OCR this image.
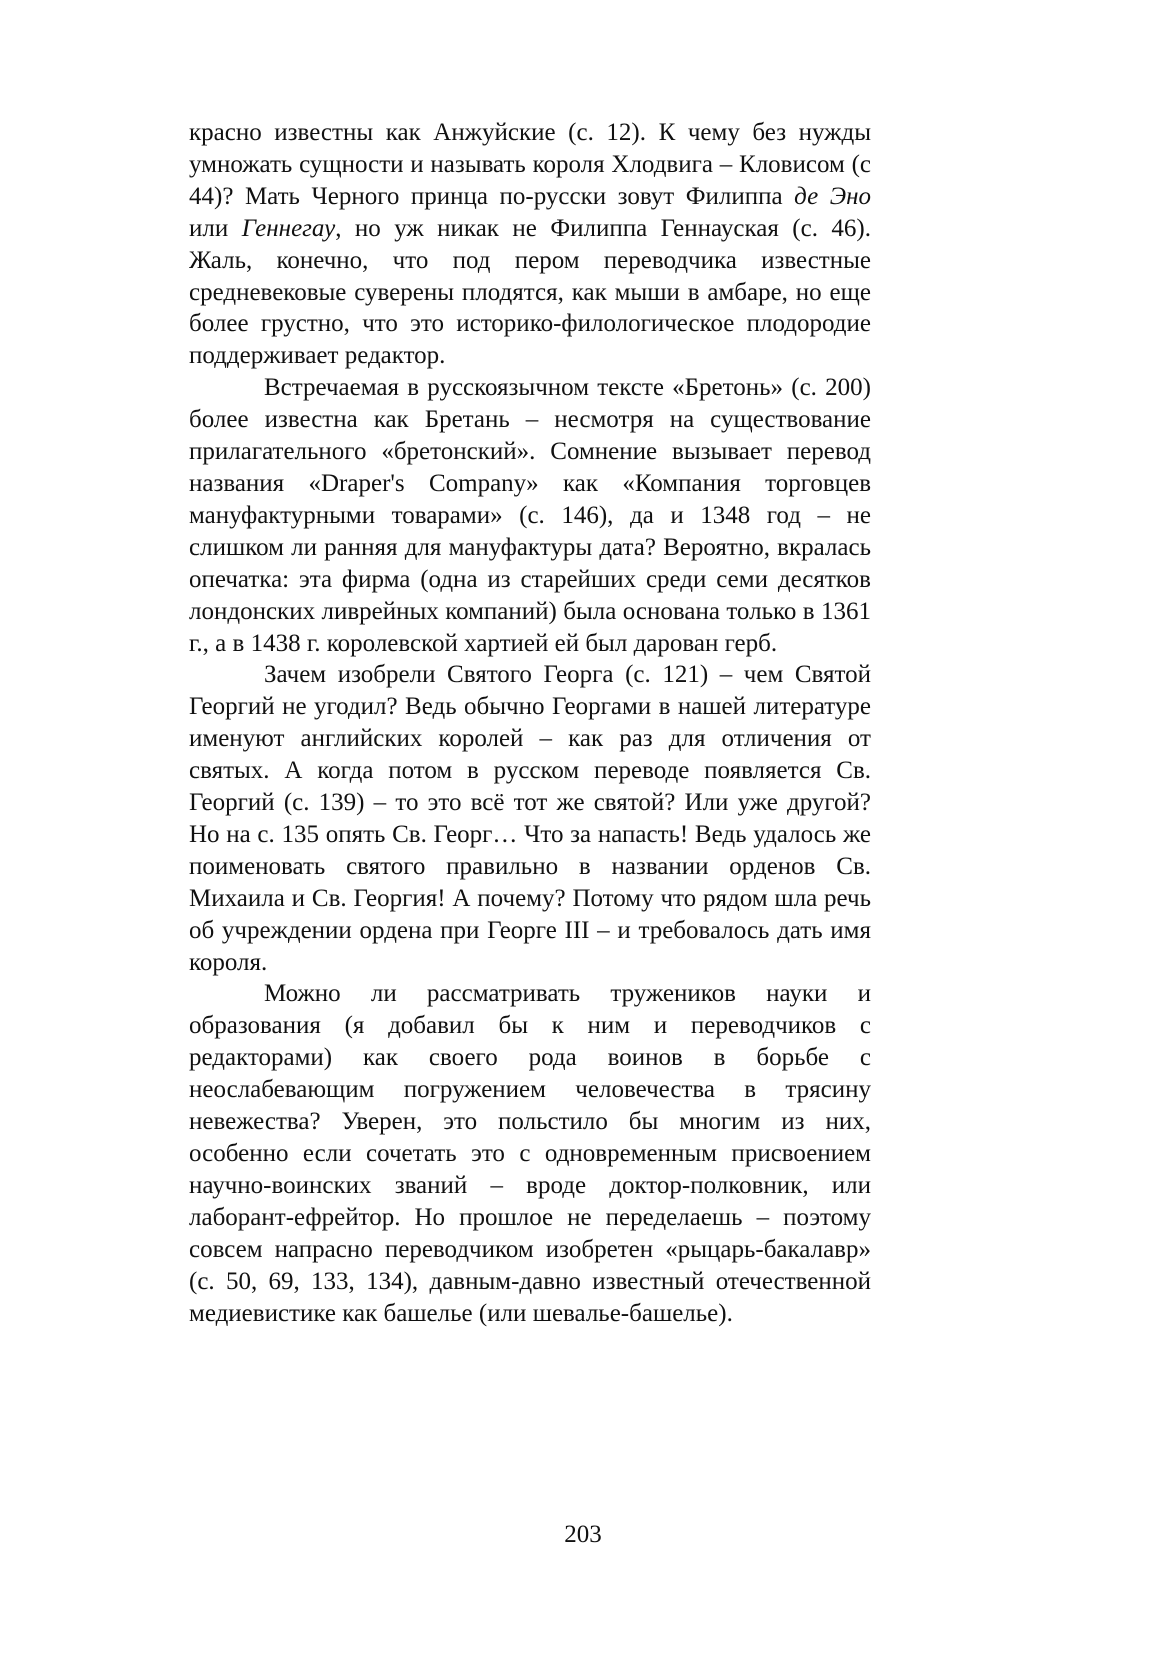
красно известны как Анжуйские (с. 12). К чему без нужды умножать сущности и называть короля Хлодвига – Кловисом (с 44)? Мать Черного принца по-русски зовут Филиппа де Эно или Геннегау, но уж никак не Филиппа Геннауская (с. 46). Жаль, конечно, что под пером переводчика известные средневековые суверены плодятся, как мыши в амбаре, но еще более грустно, что это историко-филологическое плодородие поддерживает редактор.

Встречаемая в русскоязычном тексте «Бретонь» (с. 200) более известна как Бретань – несмотря на существование прилагательного «бретонский». Сомнение вызывает перевод названия «Draper's Company» как «Компания торговцев мануфактурными товарами» (с. 146), да и 1348 год – не слишком ли ранняя для мануфактуры дата? Вероятно, вкралась опечатка: эта фирма (одна из старейших среди семи десятков лондонских ливрейных компаний) была основана только в 1361 г., а в 1438 г. королевской хартией ей был дарован герб.

Зачем изобрели Святого Георга (с. 121) – чем Святой Георгий не угодил? Ведь обычно Георгами в нашей литературе именуют английских королей – как раз для отличения от святых. А когда потом в русском переводе появляется Св. Георгий (с. 139) – то это всё тот же святой? Или уже другой? Но на с. 135 опять Св. Георг… Что за напасть! Ведь удалось же поименовать святого правильно в названии орденов Св. Михаила и Св. Георгия! А почему? Потому что рядом шла речь об учреждении ордена при Георге III – и требовалось дать имя короля.

Можно ли рассматривать тружеников науки и образования (я добавил бы к ним и переводчиков с редакторами) как своего рода воинов в борьбе с неослабевающим погружением человечества в трясину невежества? Уверен, это польстило бы многим из них, особенно если сочетать это с одновременным присвоением научно-воинских званий – вроде доктор-полковник, или лаборант-ефрейтор. Но прошлое не переделаешь – поэтому совсем напрасно переводчиком изобретен «рыцарь-бакалавр» (с. 50, 69, 133, 134), давным-давно известный отечественной медиевистике как башелье (или шевалье-башелье).

203
